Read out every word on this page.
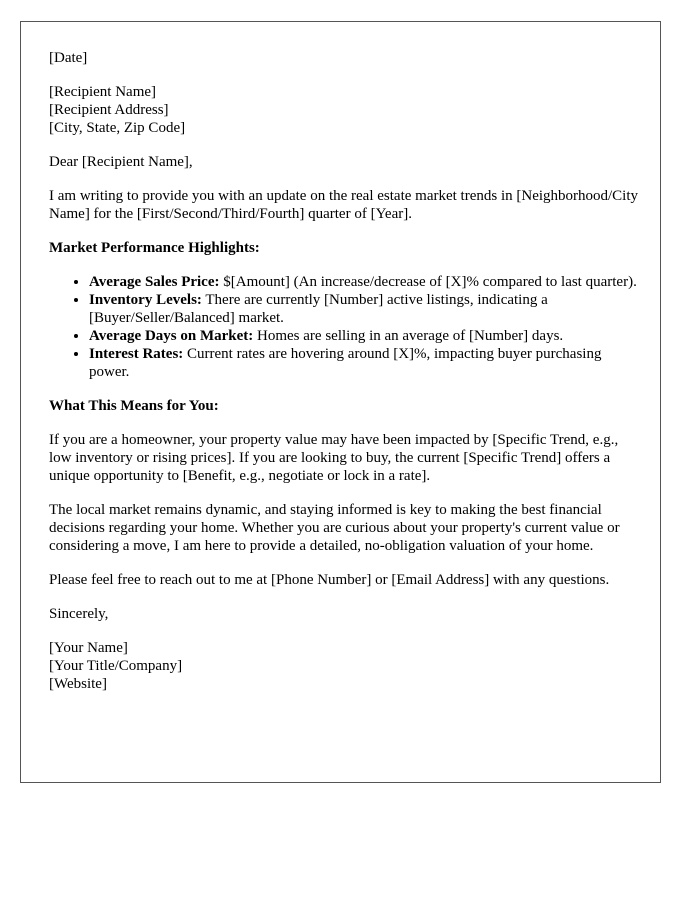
[Date]

[Recipient Name]
[Recipient Address]
[City, State, Zip Code]

Dear [Recipient Name],

I am writing to provide you with an update on the real estate market trends in [Neighborhood/City Name] for the [First/Second/Third/Fourth] quarter of [Year].

Market Performance Highlights:
• Average Sales Price: $[Amount] (An increase/decrease of [X]% compared to last quarter).
• Inventory Levels: There are currently [Number] active listings, indicating a [Buyer/Seller/Balanced] market.
• Average Days on Market: Homes are selling in an average of [Number] days.
• Interest Rates: Current rates are hovering around [X]%, impacting buyer purchasing power.
What This Means for You:

If you are a homeowner, your property value may have been impacted by [Specific Trend, e.g., low inventory or rising prices]. If you are looking to buy, the current [Specific Trend] offers a unique opportunity to [Benefit, e.g., negotiate or lock in a rate].

The local market remains dynamic, and staying informed is key to making the best financial decisions regarding your home. Whether you are curious about your property's current value or considering a move, I am here to provide a detailed, no-obligation valuation of your home.

Please feel free to reach out to me at [Phone Number] or [Email Address] with any questions.

Sincerely,

[Your Name]
[Your Title/Company]
[Website]
